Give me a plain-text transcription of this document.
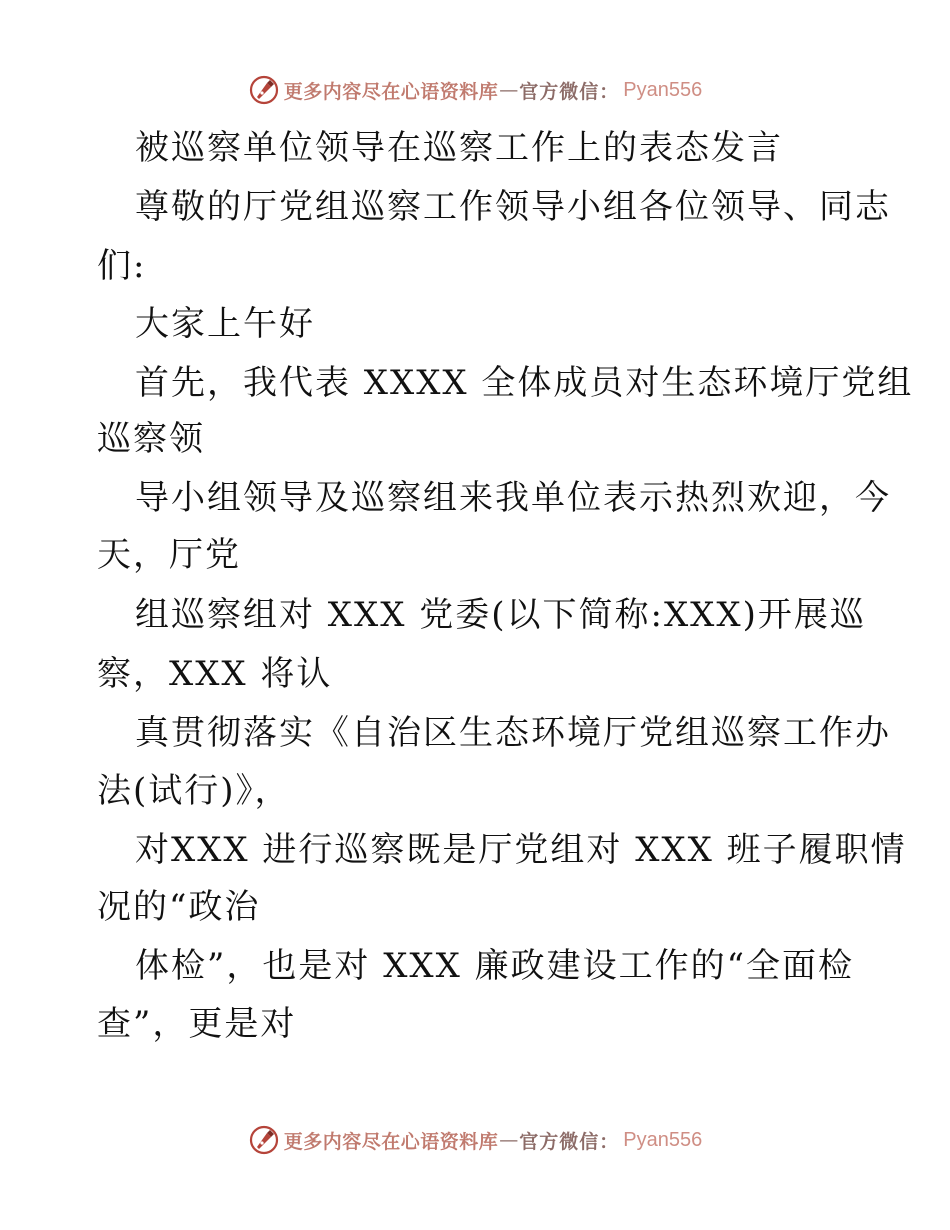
更多内容尽在心语资料库 — 官方微信： Pyan556
被巡察单位领导在巡察工作上的表态发言
尊敬的厅党组巡察工作领导小组各位领导、同志
们:
大家上午好
首先，我代表 XXXX 全体成员对生态环境厅党组
巡察领
导小组领导及巡察组来我单位表示热烈欢迎，今
天，厅党
组巡察组对 XXX 党委(以下简称:XXX)开展巡
察，XXX 将认
真贯彻落实《自治区生态环境厅党组巡察工作办
法(试行)》，
对XXX 进行巡察既是厅党组对 XXX 班子履职情
况的“政治
体检”，也是对 XXX 廉政建设工作的“全面检
查”，更是对
更多内容尽在心语资料库 — 官方微信： Pyan556
